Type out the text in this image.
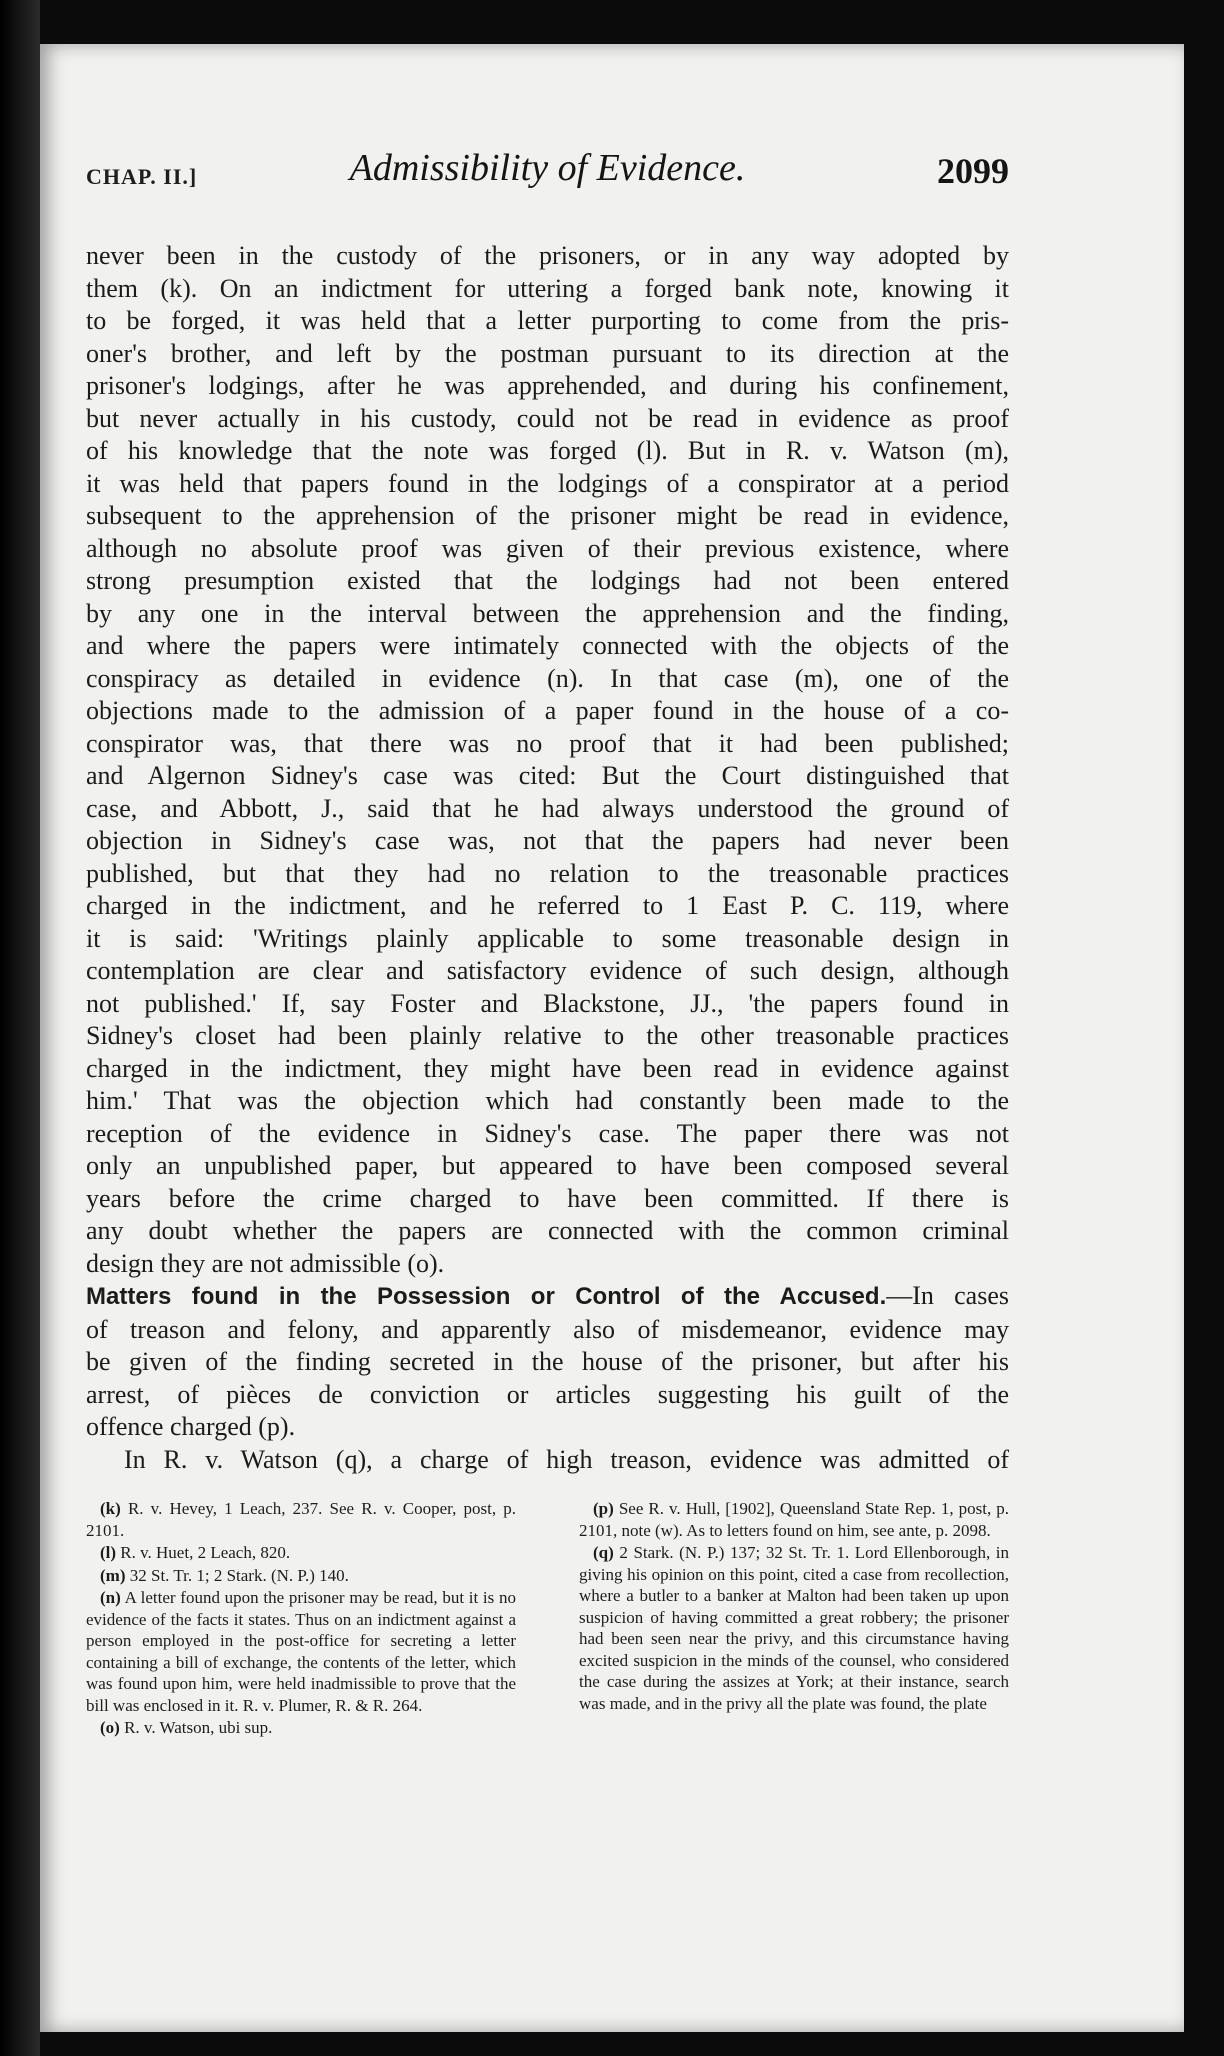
CHAP. II.]	Admissibility of Evidence.	2099

never been in the custody of the prisoners, or in any way adopted by
them (k). On an indictment for uttering a forged bank note, knowing it
to be forged, it was held that a letter purporting to come from the pris-
oner's brother, and left by the postman pursuant to its direction at the
prisoner's lodgings, after he was apprehended, and during his confinement,
but never actually in his custody, could not be read in evidence as proof
of his knowledge that the note was forged (l). But in R. v. Watson (m),
it was held that papers found in the lodgings of a conspirator at a period
subsequent to the apprehension of the prisoner might be read in evidence,
although no absolute proof was given of their previous existence, where
strong presumption existed that the lodgings had not been entered
by any one in the interval between the apprehension and the finding,
and where the papers were intimately connected with the objects of the
conspiracy as detailed in evidence (n). In that case (m), one of the
objections made to the admission of a paper found in the house of a co-
conspirator was, that there was no proof that it had been published;
and Algernon Sidney's case was cited: But the Court distinguished that
case, and Abbott, J., said that he had always understood the ground of
objection in Sidney's case was, not that the papers had never been
published, but that they had no relation to the treasonable practices
charged in the indictment, and he referred to 1 East P. C. 119, where
it is said: 'Writings plainly applicable to some treasonable design in
contemplation are clear and satisfactory evidence of such design, although
not published.' If, say Foster and Blackstone, JJ., 'the papers found in
Sidney's closet had been plainly relative to the other treasonable practices
charged in the indictment, they might have been read in evidence against
him.' That was the objection which had constantly been made to the
reception of the evidence in Sidney's case. The paper there was not
only an unpublished paper, but appeared to have been composed several
years before the crime charged to have been committed. If there is
any doubt whether the papers are connected with the common criminal
design they are not admissible (o).

Matters found in the Possession or Control of the Accused.—In cases
of treason and felony, and apparently also of misdemeanor, evidence may
be given of the finding secreted in the house of the prisoner, but after his
arrest, of pièces de conviction or articles suggesting his guilt of the
offence charged (p).

In R. v. Watson (q), a charge of high treason, evidence was admitted of

(k) R. v. Hevey, 1 Leach, 237. See R. v. Cooper, post, p. 2101.

(l) R. v. Huet, 2 Leach, 820.

(m) 32 St. Tr. 1; 2 Stark. (N. P.) 140.

(n) A letter found upon the prisoner may be read, but it is no evidence of the facts it states. Thus on an indictment against a person employed in the post-office for secreting a letter containing a bill of exchange, the contents of the letter, which was found upon him, were held inadmissible to prove that the bill was enclosed in it. R. v. Plumer, R. & R. 264.

(o) R. v. Watson, ubi sup.

(p) See R. v. Hull, [1902], Queensland State Rep. 1, post, p. 2101, note (w). As to letters found on him, see ante, p. 2098.

(q) 2 Stark. (N. P.) 137; 32 St. Tr. 1. Lord Ellenborough, in giving his opinion on this point, cited a case from recollection, where a butler to a banker at Malton had been taken up upon suspicion of having committed a great robbery; the prisoner had been seen near the privy, and this circumstance having excited suspicion in the minds of the counsel, who considered the case during the assizes at York; at their instance, search was made, and in the privy all the plate was found, the plate
